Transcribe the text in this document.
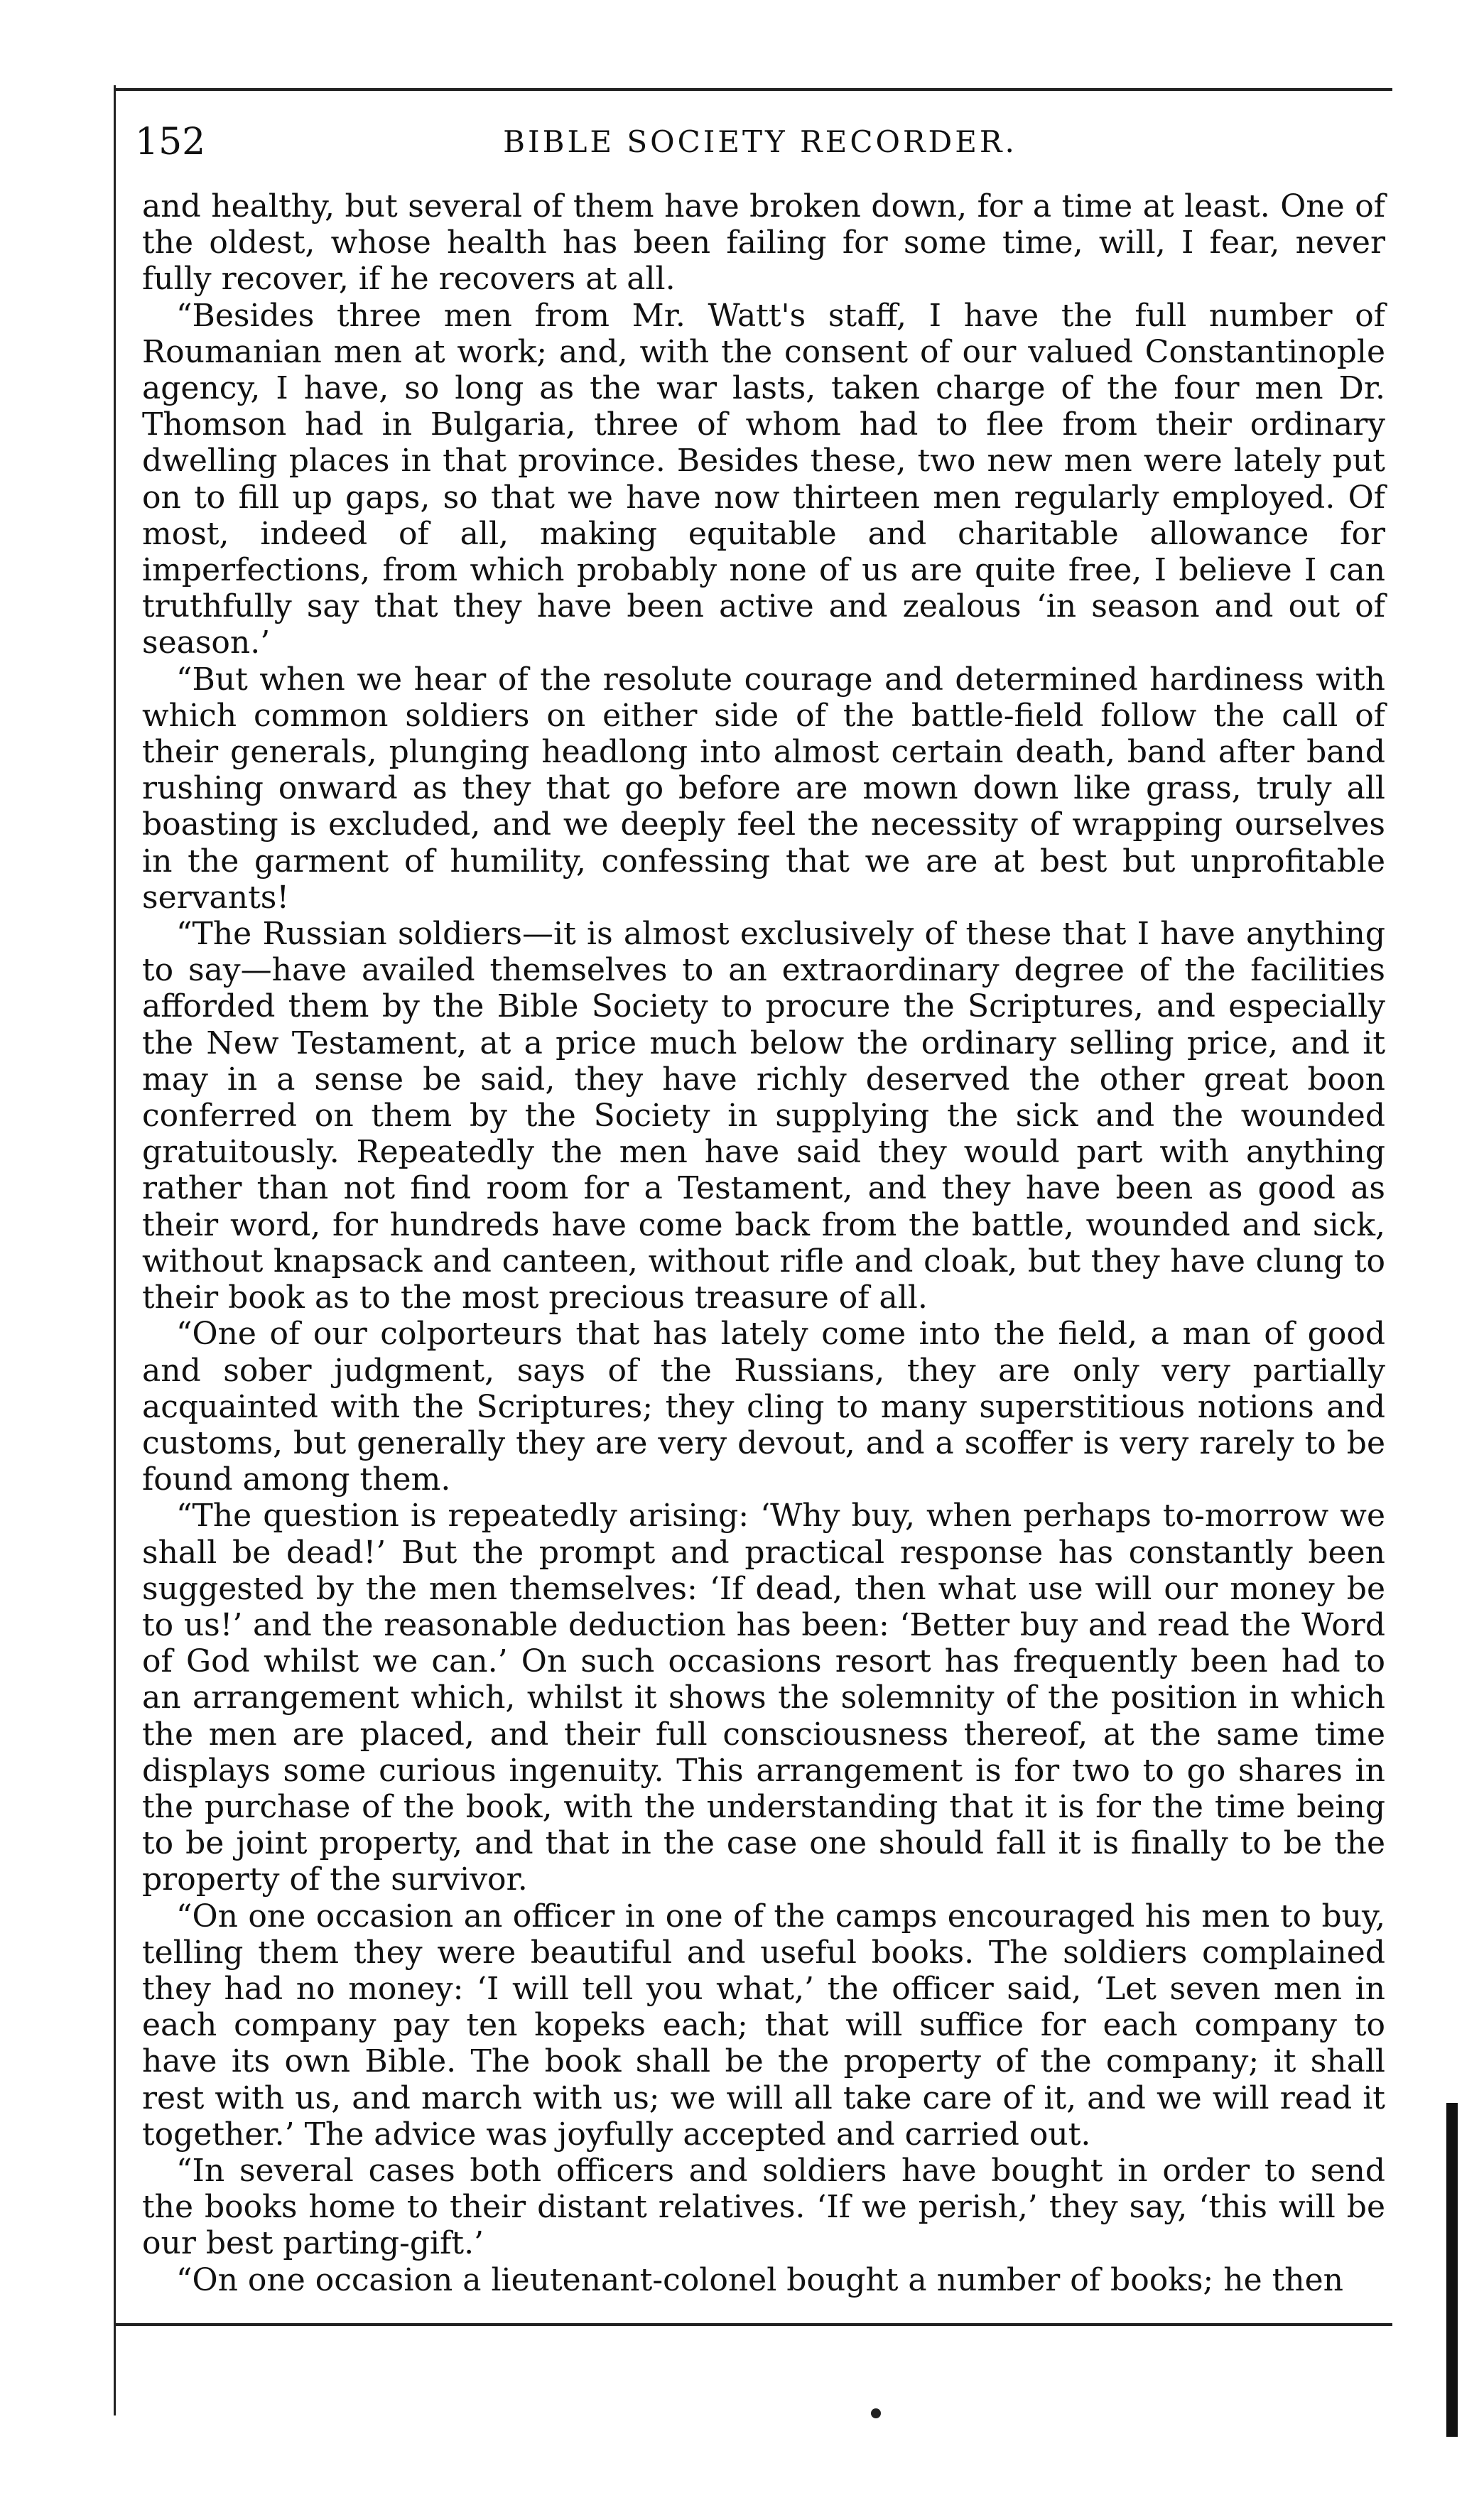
152	BIBLE SOCIETY RECORDER.

and healthy, but several of them have broken down, for a time at least. One of the oldest, whose health has been failing for some time, will, I fear, never fully recover, if he recovers at all.

“Besides three men from Mr. Watt's staff, I have the full number of Roumanian men at work; and, with the consent of our valued Constantinople agency, I have, so long as the war lasts, taken charge of the four men Dr. Thomson had in Bulgaria, three of whom had to flee from their ordinary dwelling places in that province. Besides these, two new men were lately put on to fill up gaps, so that we have now thirteen men regularly employed. Of most, indeed of all, making equitable and charitable allowance for imperfections, from which probably none of us are quite free, I believe I can truthfully say that they have been active and zealous ‘in season and out of season.’

“But when we hear of the resolute courage and determined hardiness with which common soldiers on either side of the battle-field follow the call of their generals, plunging headlong into almost certain death, band after band rushing onward as they that go before are mown down like grass, truly all boasting is excluded, and we deeply feel the necessity of wrapping ourselves in the garment of humility, confessing that we are at best but unprofitable servants!

“The Russian soldiers—it is almost exclusively of these that I have anything to say—have availed themselves to an extraordinary degree of the facilities afforded them by the Bible Society to procure the Scriptures, and especially the New Testament, at a price much below the ordinary selling price, and it may in a sense be said, they have richly deserved the other great boon conferred on them by the Society in supplying the sick and the wounded gratuitously. Repeatedly the men have said they would part with anything rather than not find room for a Testament, and they have been as good as their word, for hundreds have come back from the battle, wounded and sick, without knapsack and canteen, without rifle and cloak, but they have clung to their book as to the most precious treasure of all.

“One of our colporteurs that has lately come into the field, a man of good and sober judgment, says of the Russians, they are only very partially acquainted with the Scriptures; they cling to many superstitious notions and customs, but generally they are very devout, and a scoffer is very rarely to be found among them.

“The question is repeatedly arising: ‘Why buy, when perhaps to-morrow we shall be dead!’ But the prompt and practical response has constantly been suggested by the men themselves: ‘If dead, then what use will our money be to us!’ and the reasonable deduction has been: ‘Better buy and read the Word of God whilst we can.’ On such occasions resort has frequently been had to an arrangement which, whilst it shows the solemnity of the position in which the men are placed, and their full consciousness thereof, at the same time displays some curious ingenuity. This arrangement is for two to go shares in the purchase of the book, with the understanding that it is for the time being to be joint property, and that in the case one should fall it is finally to be the property of the survivor.

“On one occasion an officer in one of the camps encouraged his men to buy, telling them they were beautiful and useful books. The soldiers complained they had no money: ‘I will tell you what,’ the officer said, ‘Let seven men in each company pay ten kopeks each; that will suffice for each company to have its own Bible. The book shall be the property of the company; it shall rest with us, and march with us; we will all take care of it, and we will read it together.’ The advice was joyfully accepted and carried out.

“In several cases both officers and soldiers have bought in order to send the books home to their distant relatives. ‘If we perish,’ they say, ‘this will be our best parting-gift.’

“On one occasion a lieutenant-colonel bought a number of books; he then
